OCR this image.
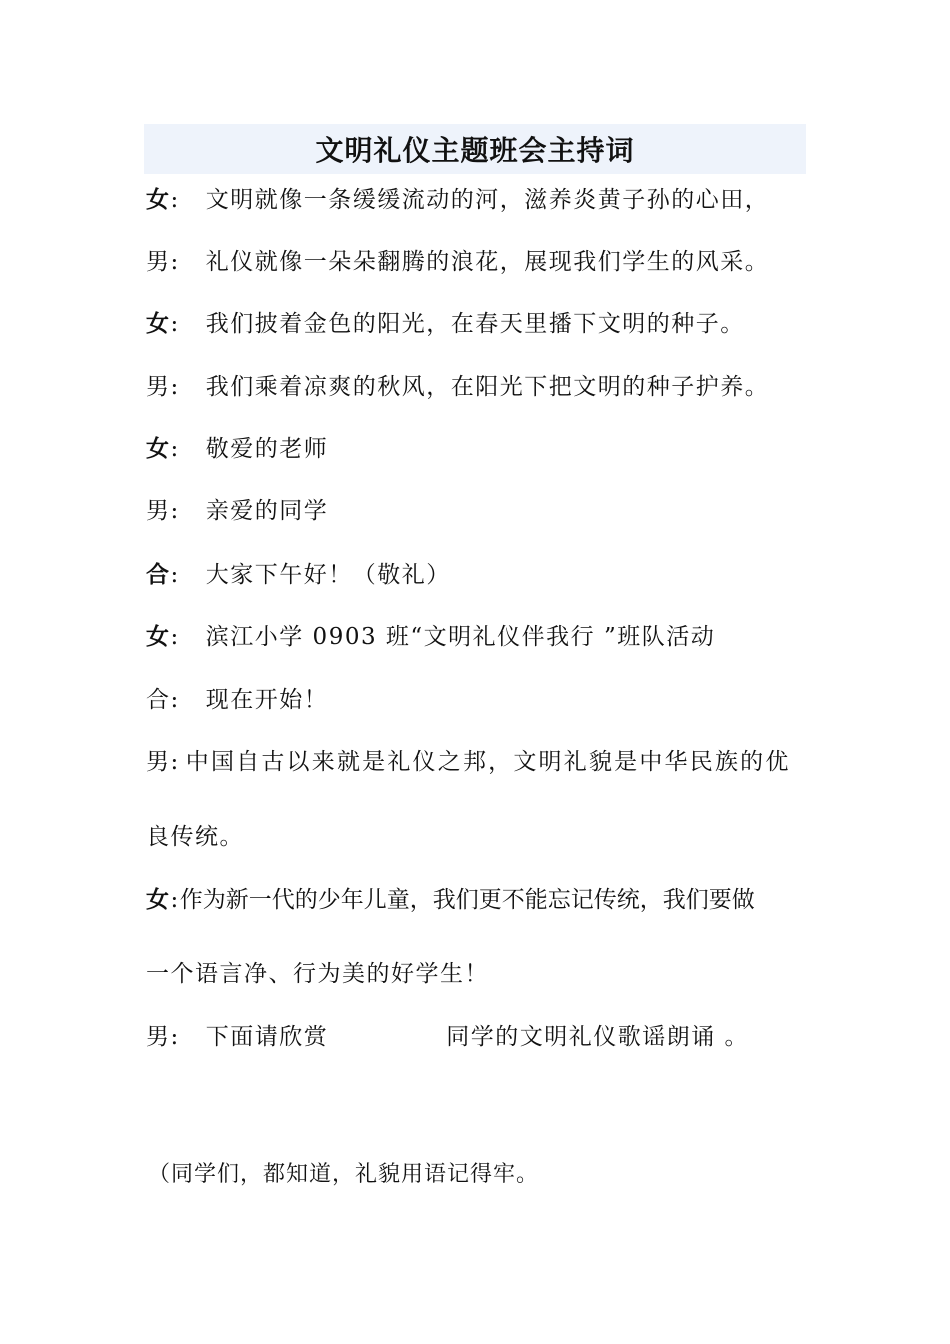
文明礼仪主题班会主持词
女: 文明就像一条缓缓流动的河，滋养炎黄子孙的心田，
男: 礼仪就像一朵朵翻腾的浪花，展现我们学生的风采。
女: 我们披着金色的阳光，在春天里播下文明的种子。
男: 我们乘着凉爽的秋风，在阳光下把文明的种子护养。
女: 敬爱的老师
男: 亲爱的同学
合: 大家下午好！（敬礼）
女: 滨江小学 0903 班“文明礼仪伴我行 ”班队活动
合: 现在开始！
男: 中国自古以来就是礼仪之邦，文明礼貌是中华民族的优
良传统。
女:作为新一代的少年儿童，我们更不能忘记传统，我们要做
一个语言净、行为美的好学生！
男: 下面请欣赏	同学的文明礼仪歌谣朗诵 。
（同学们，都知道，礼貌用语记得牢。
